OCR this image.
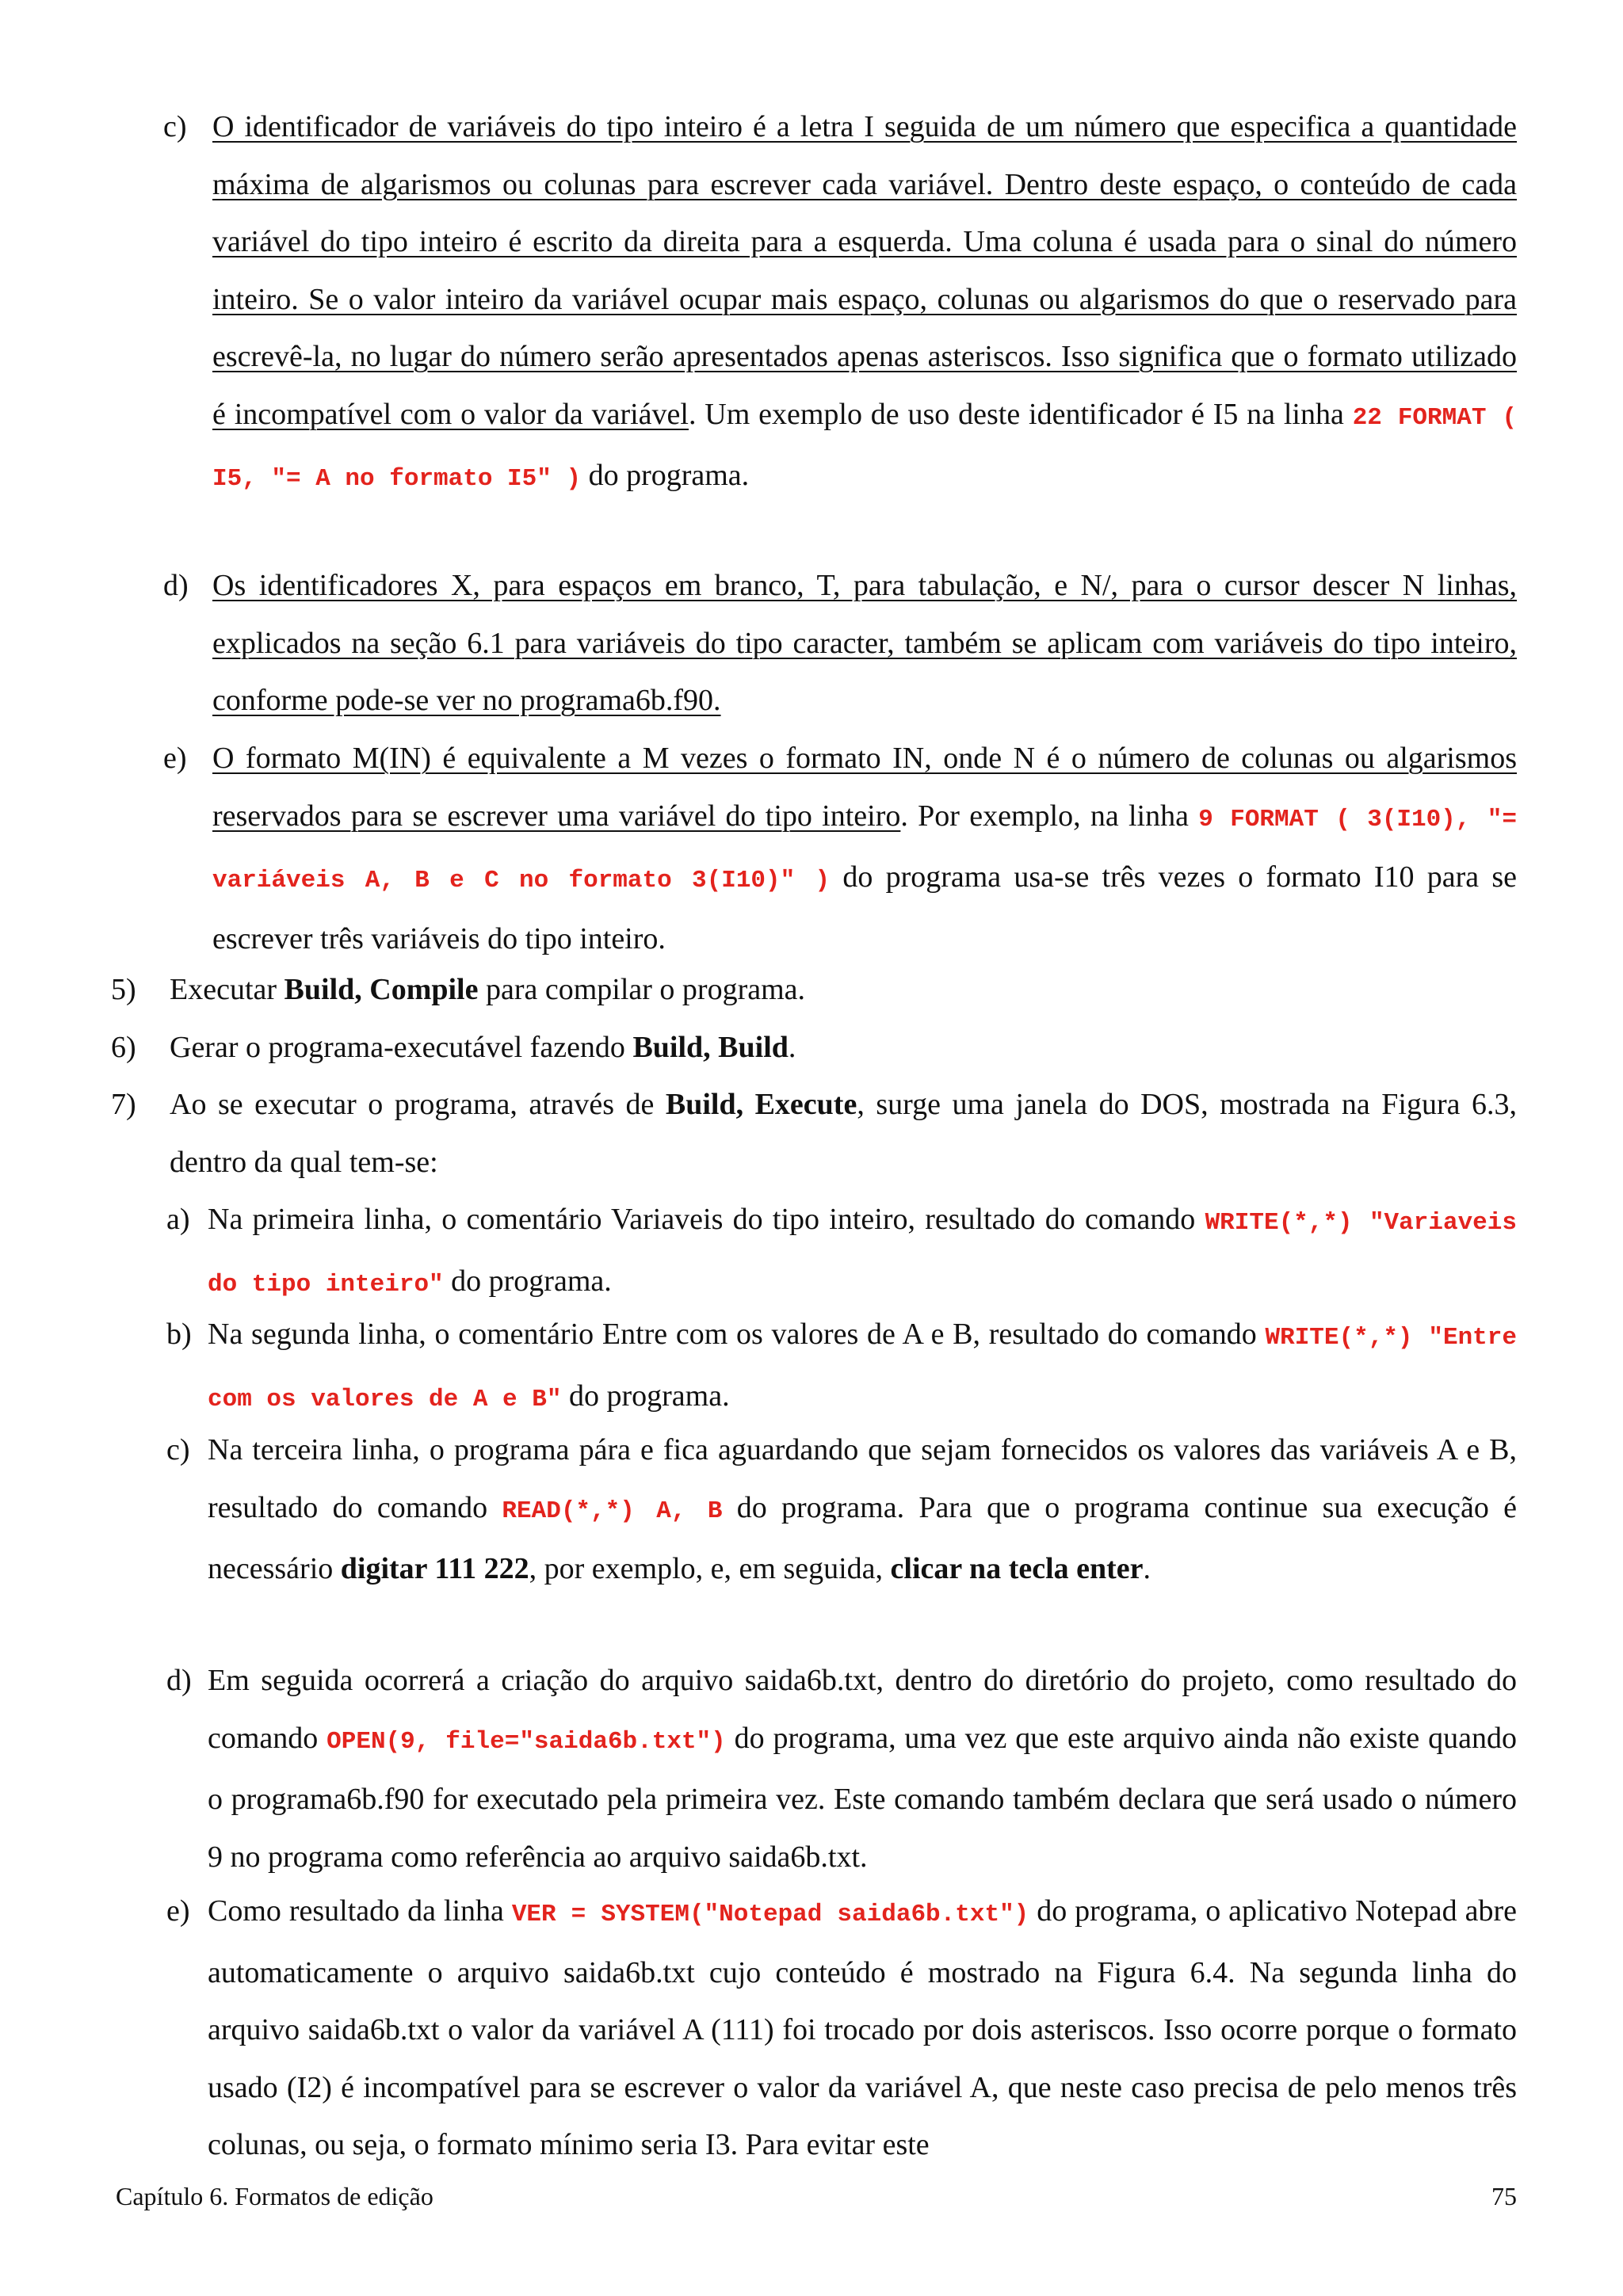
c) O identificador de variáveis do tipo inteiro é a letra I seguida de um número que especifica a quantidade máxima de algarismos ou colunas para escrever cada variável. Dentro deste espaço, o conteúdo de cada variável do tipo inteiro é escrito da direita para a esquerda. Uma coluna é usada para o sinal do número inteiro. Se o valor inteiro da variável ocupar mais espaço, colunas ou algarismos do que o reservado para escrevê-la, no lugar do número serão apresentados apenas asteriscos. Isso significa que o formato utilizado é incompatível com o valor da variável. Um exemplo de uso deste identificador é I5 na linha 22 FORMAT ( I5, "= A no formato I5" ) do programa.
d) Os identificadores X, para espaços em branco, T, para tabulação, e N/, para o cursor descer N linhas, explicados na seção 6.1 para variáveis do tipo caracter, também se aplicam com variáveis do tipo inteiro, conforme pode-se ver no programa6b.f90.
e) O formato M(IN) é equivalente a M vezes o formato IN, onde N é o número de colunas ou algarismos reservados para se escrever uma variável do tipo inteiro. Por exemplo, na linha 9 FORMAT ( 3(I10), "= variáveis A, B e C no formato 3(I10)" ) do programa usa-se três vezes o formato I10 para se escrever três variáveis do tipo inteiro.
5) Executar Build, Compile para compilar o programa.
6) Gerar o programa-executável fazendo Build, Build.
7) Ao se executar o programa, através de Build, Execute, surge uma janela do DOS, mostrada na Figura 6.3, dentro da qual tem-se:
a) Na primeira linha, o comentário Variaveis do tipo inteiro, resultado do comando WRITE(*,*) "Variaveis do tipo inteiro" do programa.
b) Na segunda linha, o comentário Entre com os valores de A e B, resultado do comando WRITE(*,*) "Entre com os valores de A e B" do programa.
c) Na terceira linha, o programa pára e fica aguardando que sejam fornecidos os valores das variáveis A e B, resultado do comando READ(*,*) A, B do programa. Para que o programa continue sua execução é necessário digitar 111 222, por exemplo, e, em seguida, clicar na tecla enter.
d) Em seguida ocorrerá a criação do arquivo saida6b.txt, dentro do diretório do projeto, como resultado do comando OPEN(9, file="saida6b.txt") do programa, uma vez que este arquivo ainda não existe quando o programa6b.f90 for executado pela primeira vez. Este comando também declara que será usado o número 9 no programa como referência ao arquivo saida6b.txt.
e) Como resultado da linha VER = SYSTEM("Notepad saida6b.txt") do programa, o aplicativo Notepad abre automaticamente o arquivo saida6b.txt cujo conteúdo é mostrado na Figura 6.4. Na segunda linha do arquivo saida6b.txt o valor da variável A (111) foi trocado por dois asteriscos. Isso ocorre porque o formato usado (I2) é incompatível para se escrever o valor da variável A, que neste caso precisa de pelo menos três colunas, ou seja, o formato mínimo seria I3. Para evitar este
Capítulo 6. Formatos de edição	75
